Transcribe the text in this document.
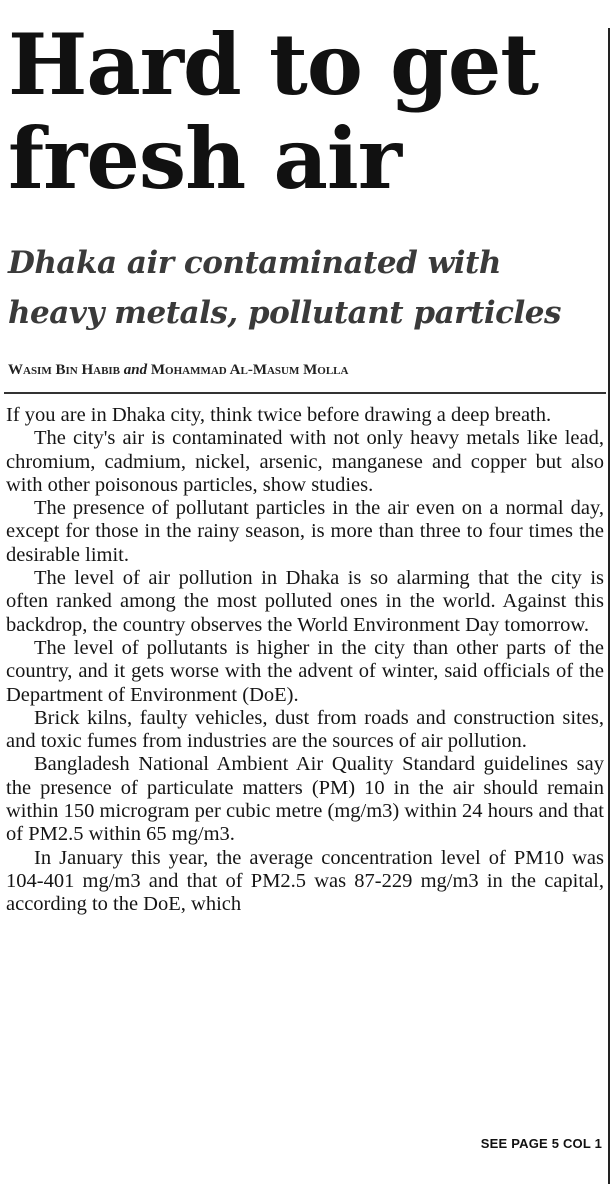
Hard to get
fresh air
Dhaka air contaminated with
heavy metals, pollutant particles
Wasim Bin Habib and Mohammad Al-Masum Molla

If you are in Dhaka city, think twice before drawing a deep breath.

The city's air is contaminated with not only heavy metals like lead, chromium, cadmium, nickel, arsenic, manganese and copper but also with other poisonous particles, show studies.

The presence of pollutant particles in the air even on a normal day, except for those in the rainy season, is more than three to four times the desirable limit.

The level of air pollution in Dhaka is so alarming that the city is often ranked among the most polluted ones in the world. Against this backdrop, the country observes the World Environment Day tomorrow.

The level of pollutants is higher in the city than other parts of the country, and it gets worse with the advent of winter, said officials of the Department of Environment (DoE).

Brick kilns, faulty vehicles, dust from roads and construction sites, and toxic fumes from industries are the sources of air pollution.

Bangladesh National Ambient Air Quality Standard guidelines say the presence of particulate matters (PM) 10 in the air should remain within 150 microgram per cubic metre (mg/m3) within 24 hours and that of PM2.5 within 65 mg/m3.

In January this year, the average concentration level of PM10 was 104-401 mg/m3 and that of PM2.5 was 87-229 mg/m3 in the capital, according to the DoE, which

SEE PAGE 5 COL 1
